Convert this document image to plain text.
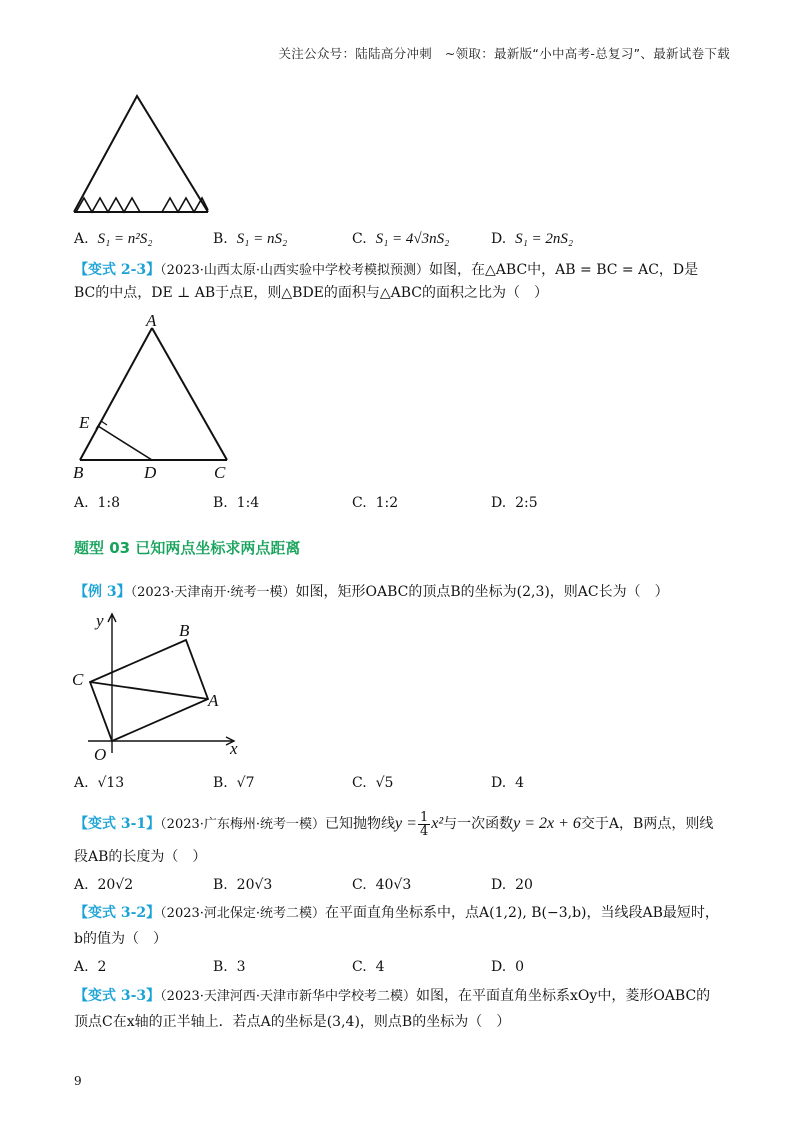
关注公众号：陆陆高分冲刺　~领取：最新版“小中高考-总复习”、最新试卷下载
A. S₁ = n²S₂	B. S₁ = nS₂	C. S₁ = 4√3nS₂	D. S₁ = 2nS₂
【变式 2-3】（2023·山西太原·山西实验中学校考模拟预测）如图，在△ABC中，AB = BC = AC，D是
BC的中点，DE ⊥ AB于点E，则△BDE的面积与△ABC的面积之比为（　）
A
B	C
D
E
A. 1:8	B. 1:4	C. 1:2	D. 2:5
题型 03 已知两点坐标求两点距离
【例 3】（2023·天津南开·统考一模）如图，矩形OABC的顶点B的坐标为(2,3)，则AC长为（　）
y
x
O
A
B
C
A. √13	B. √7	C. √5	D. 4
【变式 3-1】（2023·广东梅州·统考一模）已知抛物线$y = \frac{1}{4} x^2$与一次函数y = 2x + 6交于A，B两点，则线
段AB的长度为（　）
A. 20√2	B. 20√3	C. 40√3	D. 20
【变式 3-2】（2023·河北保定·统考二模）在平面直角坐标系中，点A(1,2), B(−3,b)，当线段AB最短时，
b的值为（　）
A. 2	B. 3	C. 4	D. 0
【变式 3-3】（2023·天津河西·天津市新华中学校考二模）如图，在平面直角坐标系xOy中，菱形OABC的
顶点C在x轴的正半轴上．若点A的坐标是(3,4)，则点B的坐标为（　）
9
